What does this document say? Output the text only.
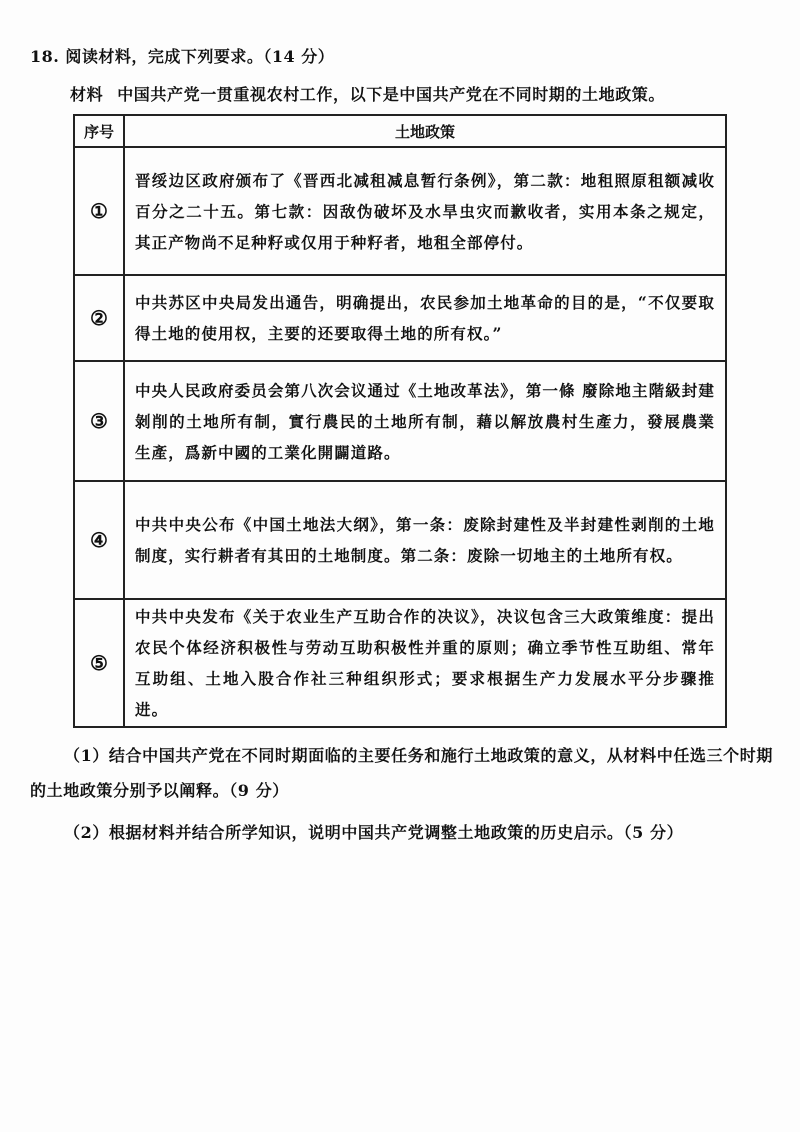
18. 阅读材料，完成下列要求。（14 分）
材料 中国共产党一贯重视农村工作，以下是中国共产党在不同时期的土地政策。
序号	土地政策
①	晋绥边区政府颁布了《晋西北减租减息暂行条例》，第二款：地租照原租额减收百分之二十五。第七款：因敌伪破坏及水旱虫灾而歉收者，实用本条之规定，其正产物尚不足种籽或仅用于种籽者，地租全部停付。
②	中共苏区中央局发出通告，明确提出，农民参加土地革命的目的是，“不仅要取得土地的使用权，主要的还要取得土地的所有权。”
③	中央人民政府委员会第八次会议通过《土地改革法》，第一條 廢除地主階級封建剝削的土地所有制，實行農民的土地所有制，藉以解放農村生產力，發展農業生產，爲新中國的工業化開闢道路。
④	中共中央公布《中国土地法大纲》，第一条：废除封建性及半封建性剥削的土地制度，实行耕者有其田的土地制度。第二条：废除一切地主的土地所有权。
⑤	中共中央发布《关于农业生产互助合作的决议》，决议包含三大政策维度：提出农民个体经济积极性与劳动互助积极性并重的原则；确立季节性互助组、常年互助组、土地入股合作社三种组织形式；要求根据生产力发展水平分步骤推进。
（1）结合中国共产党在不同时期面临的主要任务和施行土地政策的意义，从材料中任选三个时期的土地政策分别予以阐释。（9 分）
（2）根据材料并结合所学知识，说明中国共产党调整土地政策的历史启示。（5 分）
